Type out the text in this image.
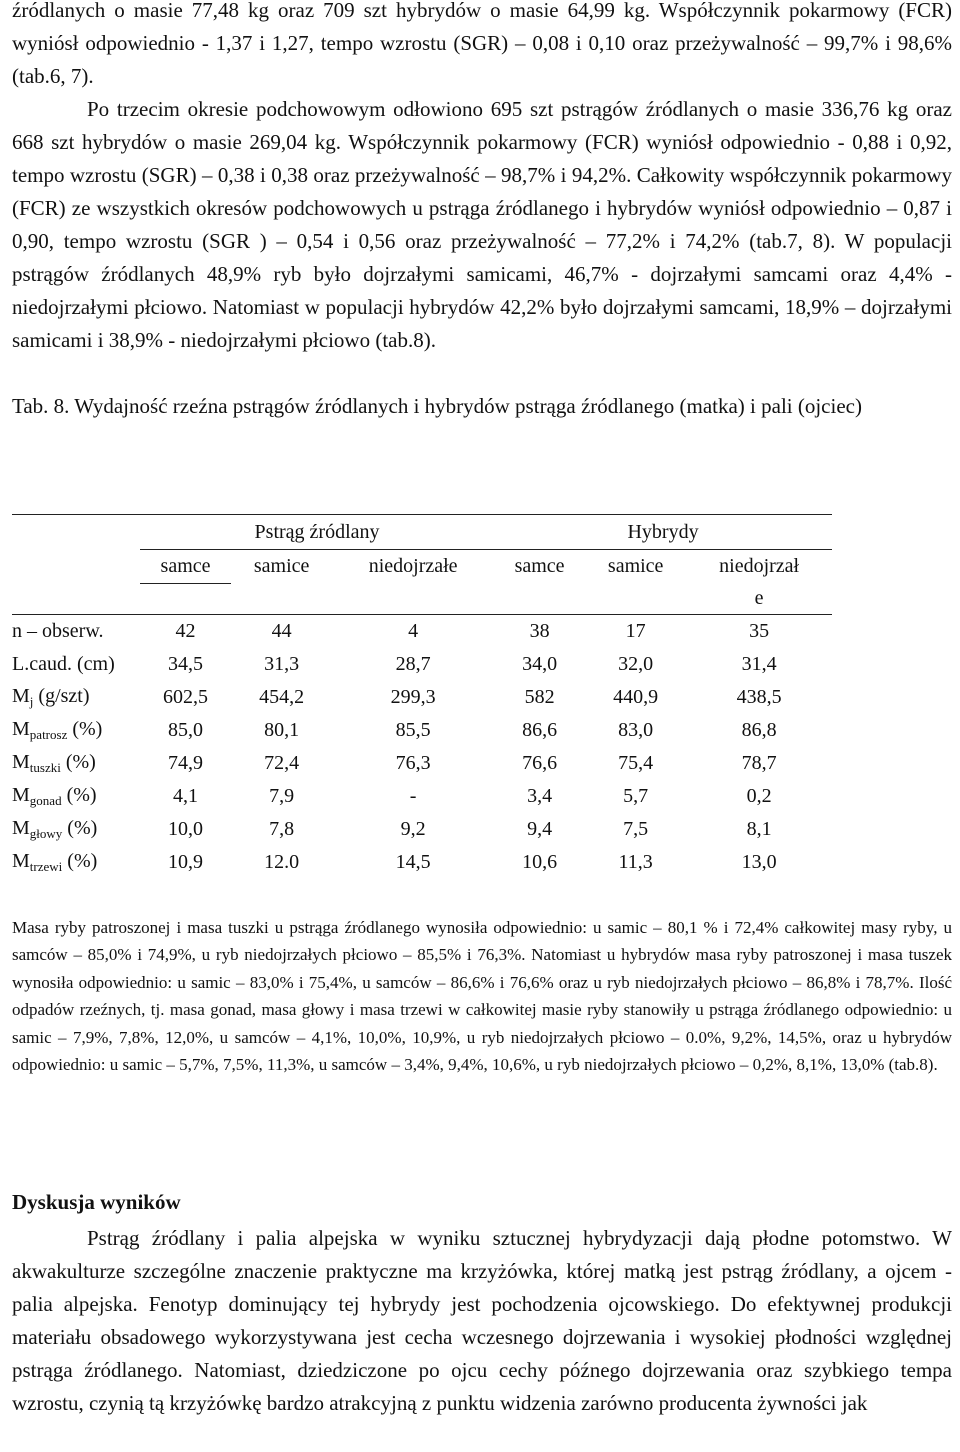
źródlanych o masie 77,48 kg oraz 709 szt hybrydów o masie 64,99 kg. Współczynnik pokarmowy (FCR) wyniósł odpowiednio - 1,37 i 1,27, tempo wzrostu (SGR) – 0,08 i 0,10 oraz przeżywalność – 99,7% i 98,6% (tab.6, 7).

Po trzecim okresie podchowowym odłowiono 695 szt pstrągów źródlanych o masie 336,76 kg oraz 668 szt hybrydów o masie 269,04 kg. Współczynnik pokarmowy (FCR) wyniósł odpowiednio - 0,88 i 0,92, tempo wzrostu (SGR) – 0,38 i 0,38 oraz przeżywalność – 98,7% i 94,2%. Całkowity współczynnik pokarmowy (FCR) ze wszystkich okresów podchowowych u pstrąga źródlanego i hybrydów wyniósł odpowiednio – 0,87 i 0,90, tempo wzrostu (SGR ) – 0,54 i 0,56 oraz przeżywalność – 77,2% i 74,2% (tab.7, 8). W populacji pstrągów źródlanych 48,9% ryb było dojrzałymi samicami, 46,7% - dojrzałymi samcami oraz 4,4% - niedojrzałymi płciowo. Natomiast w populacji hybrydów 42,2% było dojrzałymi samcami, 18,9% – dojrzałymi samicami i 38,9% - niedojrzałymi płciowo (tab.8).

Tab. 8. Wydajność rzeźna pstrągów źródlanych i hybrydów pstrąga źródlanego (matka) i pali (ojciec)

	Pstrąg źródlany			Hybrydy		
	samce	samice	niedojrzałe	samce	samice	niedojrzał
						e
n – obserw.	42	44	4	38	17	35
L.caud. (cm)	34,5	31,3	28,7	34,0	32,0	31,4
$M_j$ (g/szt)	602,5	454,2	299,3	582	440,9	438,5
$M_{patrosz}$ (%)	85,0	80,1	85,5	86,6	83,0	86,8
$M_{tuszki}$ (%)	74,9	72,4	76,3	76,6	75,4	78,7
$M_{gonad}$ (%)	4,1	7,9	-	3,4	5,7	0,2
$M_{głowy}$ (%)	10,0	7,8	9,2	9,4	7,5	8,1
$M_{trzewi}$ (%)	10,9	12.0	14,5	10,6	11,3	13,0

Masa ryby patroszonej i masa tuszki u pstrąga źródlanego wynosiła odpowiednio: u samic – 80,1 % i 72,4% całkowitej masy ryby, u samców – 85,0% i 74,9%, u ryb niedojrzałych płciowo – 85,5% i 76,3%. Natomiast u hybrydów masa ryby patroszonej i masa tuszek wynosiła odpowiednio: u samic – 83,0% i 75,4%, u samców – 86,6% i 76,6% oraz u ryb niedojrzałych płciowo – 86,8% i 78,7%. Ilość odpadów rzeźnych, tj. masa gonad, masa głowy i masa trzewi w całkowitej masie ryby stanowiły u pstrąga źródlanego odpowiednio: u samic – 7,9%, 7,8%, 12,0%, u samców – 4,1%, 10,0%, 10,9%, u ryb niedojrzałych płciowo – 0.0%, 9,2%, 14,5%, oraz u hybrydów odpowiednio: u samic – 5,7%, 7,5%, 11,3%, u samców – 3,4%, 9,4%, 10,6%, u ryb niedojrzałych płciowo – 0,2%, 8,1%, 13,0% (tab.8).

Dyskusja wyników

Pstrąg źródlany i palia alpejska w wyniku sztucznej hybrydyzacji dają płodne potomstwo. W akwakulturze szczególne znaczenie praktyczne ma krzyżówka, której matką jest pstrąg źródlany, a ojcem - palia alpejska. Fenotyp dominujący tej hybrydy jest pochodzenia ojcowskiego. Do efektywnej produkcji materiału obsadowego wykorzystywana jest cecha wczesnego dojrzewania i wysokiej płodności względnej pstrąga źródlanego. Natomiast, dziedziczone po ojcu cechy późnego dojrzewania oraz szybkiego tempa wzrostu, czynią tą krzyżówkę bardzo atrakcyjną z punktu widzenia zarówno producenta żywności jak
